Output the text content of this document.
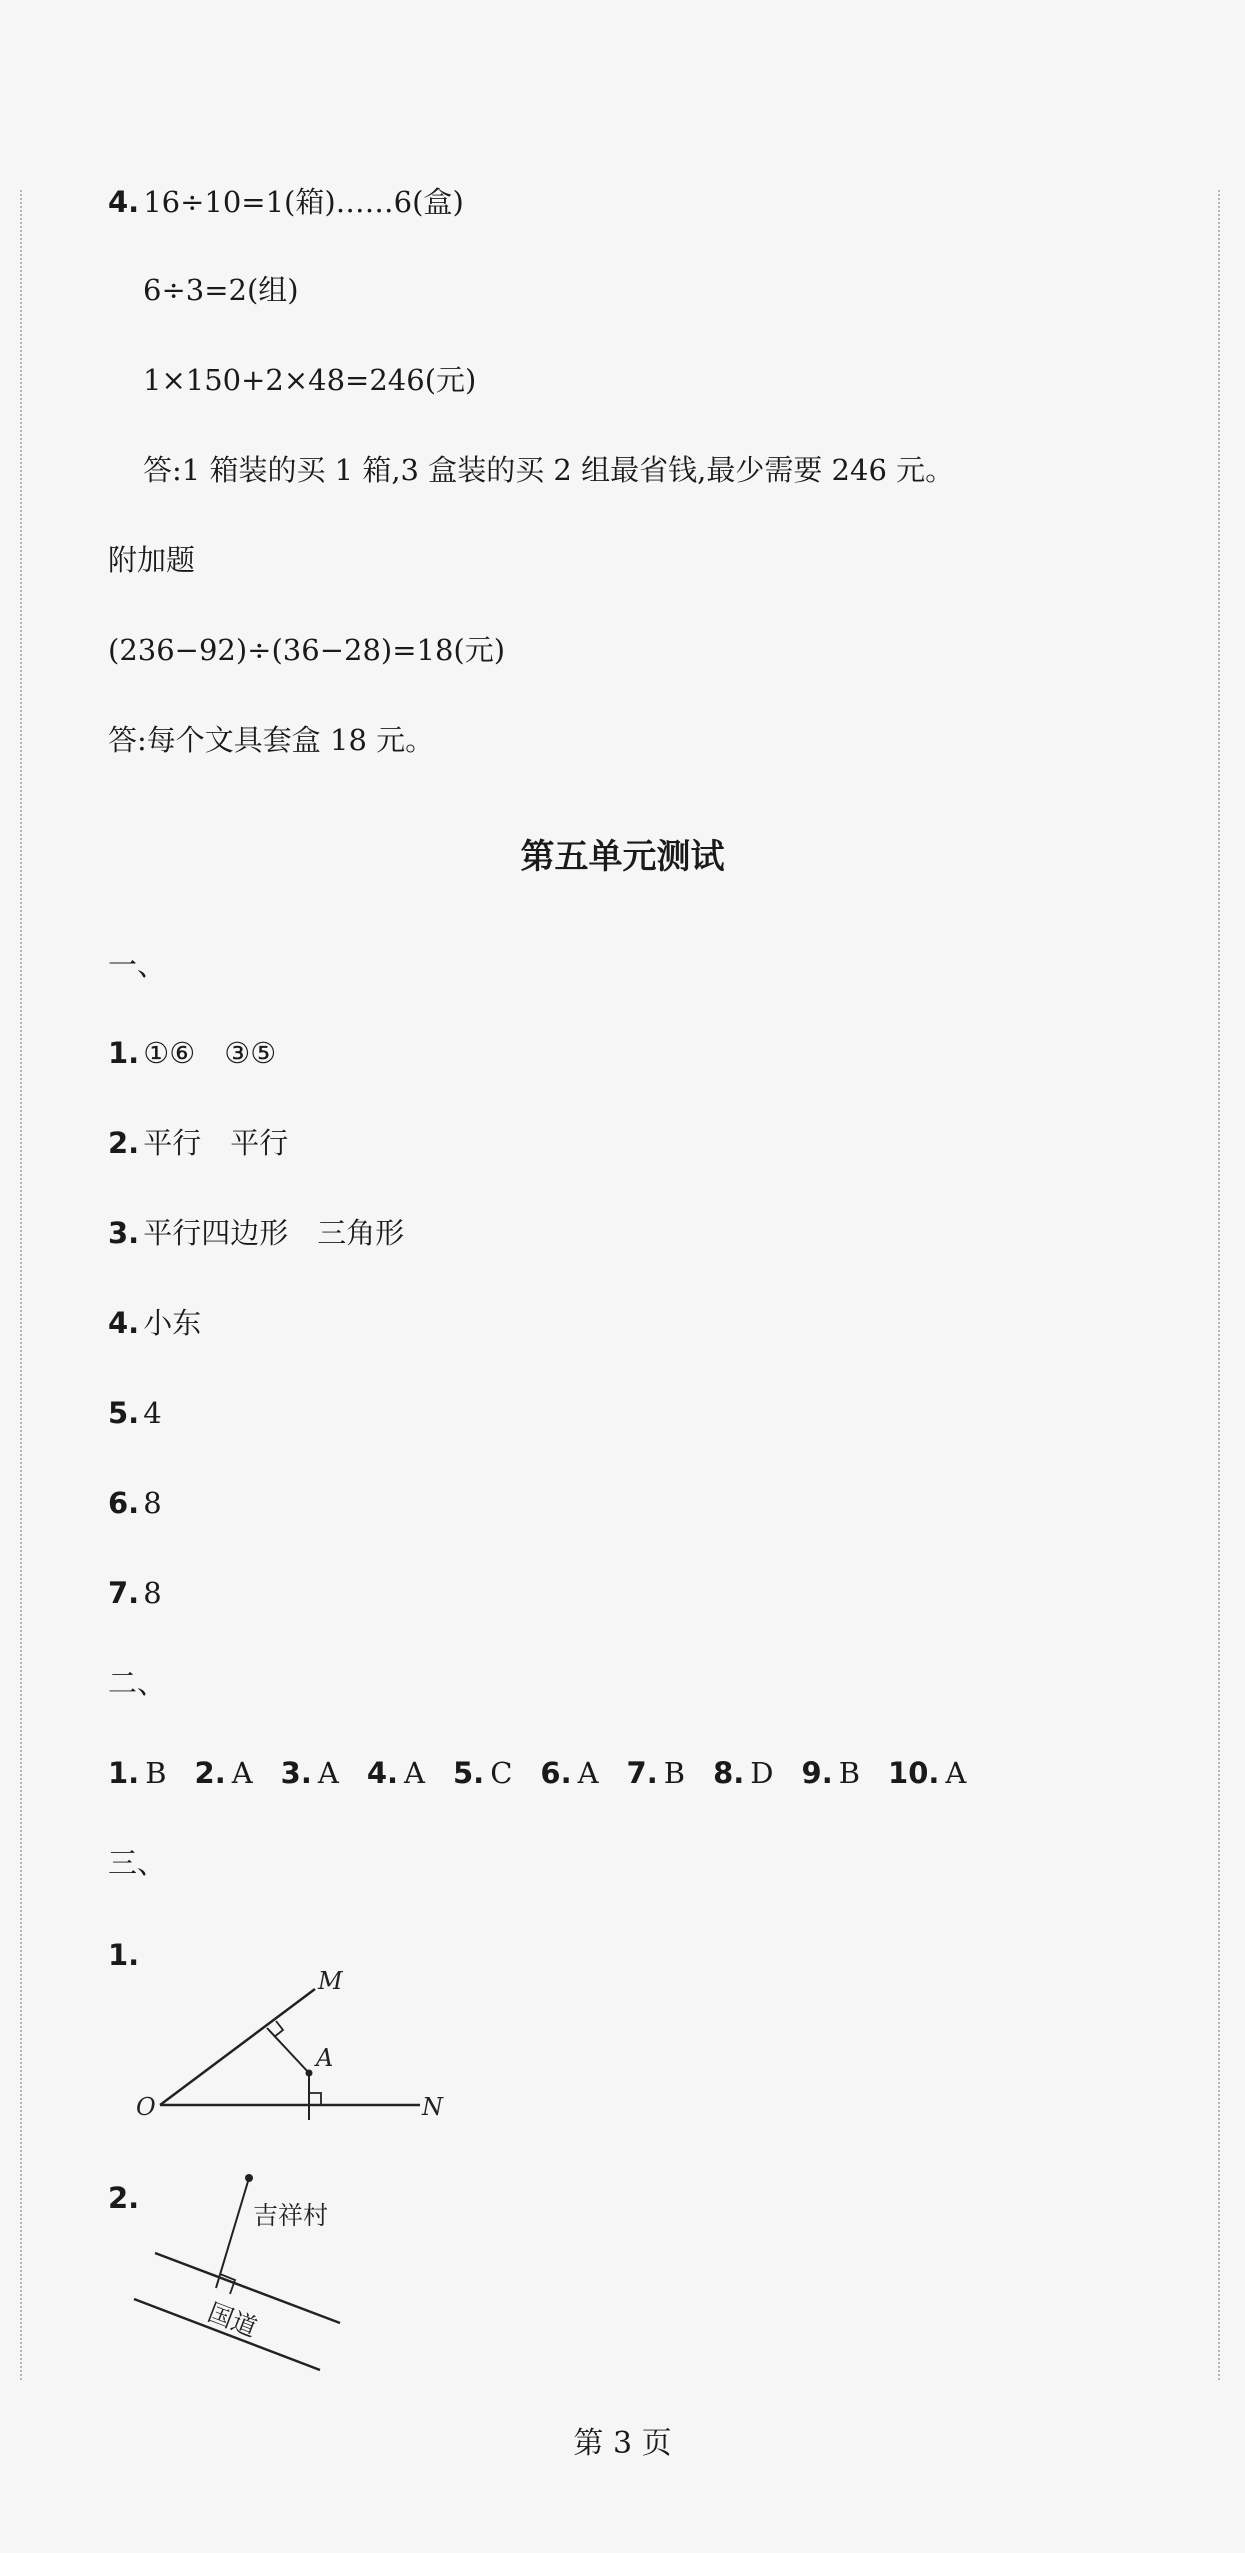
4. 16÷10=1(箱)……6(盒)
6÷3=2(组)
1×150+2×48=246(元)
答:1 箱装的买 1 箱,3 盒装的买 2 组最省钱,最少需要 246 元。
附加题
(236−92)÷(36−28)=18(元)
答:每个文具套盒 18 元。
第五单元测试
一、
1. ①⑥　③⑤
2. 平行　平行
3. 平行四边形　三角形
4. 小东
5. 4
6. 8
7. 8
二、
1. B 2. A 3. A 4. A 5. C 6. A 7. B 8. D 9. B 10. A
三、
1.
M
A
O	N
2.
吉祥村
国道
第 3 页
